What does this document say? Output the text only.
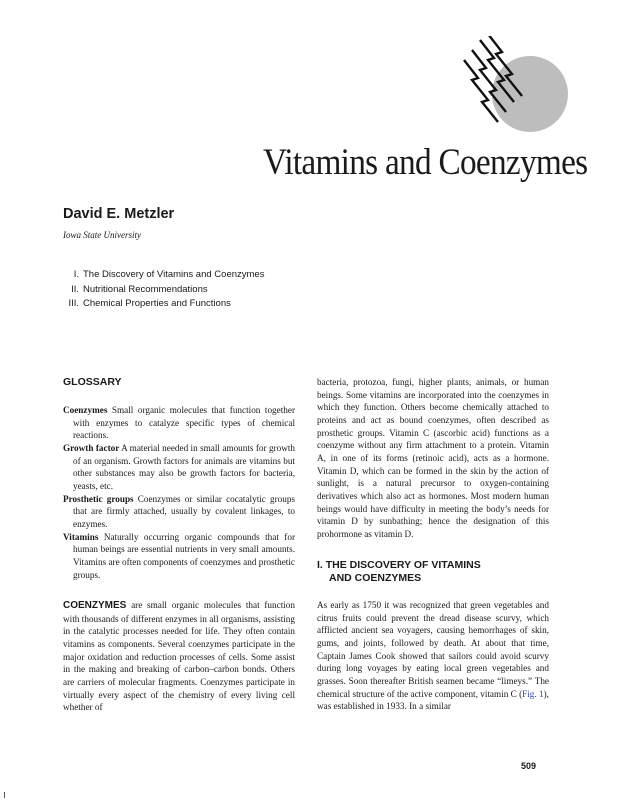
Vitamins and Coenzymes
David E. Metzler
Iowa State University
I. The Discovery of Vitamins and Coenzymes
II. Nutritional Recommendations
III. Chemical Properties and Functions
GLOSSARY

Coenzymes Small organic molecules that function together with enzymes to catalyze specific types of chemical reactions.

Growth factor A material needed in small amounts for growth of an organism. Growth factors for animals are vitamins but other substances may also be growth factors for bacteria, yeasts, etc.

Prosthetic groups Coenzymes or similar cocatalytic groups that are firmly attached, usually by covalent linkages, to enzymes.

Vitamins Naturally occurring organic compounds that for human beings are essential nutrients in very small amounts. Vitamins are often components of coenzymes and prosthetic groups.

COENZYMES are small organic molecules that function with thousands of different enzymes in all organisms, assisting in the catalytic processes needed for life. They often contain vitamins as components. Several coenzymes participate in the major oxidation and reduction processes of cells. Some assist in the making and breaking of carbon–carbon bonds. Others are carriers of molecular fragments. Coenzymes participate in virtually every aspect of the chemistry of every living cell whether of

bacteria, protozoa, fungi, higher plants, animals, or human beings. Some vitamins are incorporated into the coenzymes in which they function. Others become chemically attached to proteins and act as bound coenzymes, often described as prosthetic groups. Vitamin C (ascorbic acid) functions as a coenzyme without any firm attachment to a protein. Vitamin A, in one of its forms (retinoic acid), acts as a hormone. Vitamin D, which can be formed in the skin by the action of sunlight, is a natural precursor to oxygen-containing derivatives which also act as hormones. Most modern human beings would have difficulty in meeting the body’s needs for vitamin D by sunbathing; hence the designation of this prohormone as vitamin D.

I. THE DISCOVERY OF VITAMINS
AND COENZYMES

As early as 1750 it was recognized that green vegetables and citrus fruits could prevent the dread disease scurvy, which afflicted ancient sea voyagers, causing hemorrhages of skin, gums, and joints, followed by death. At about that time, Captain James Cook showed that sailors could avoid scurvy during long voyages by eating local green vegetables and grasses. Soon thereafter British seamen became “limeys.” The chemical structure of the active component, vitamin C (Fig. 1), was established in 1933. In a similar

509
